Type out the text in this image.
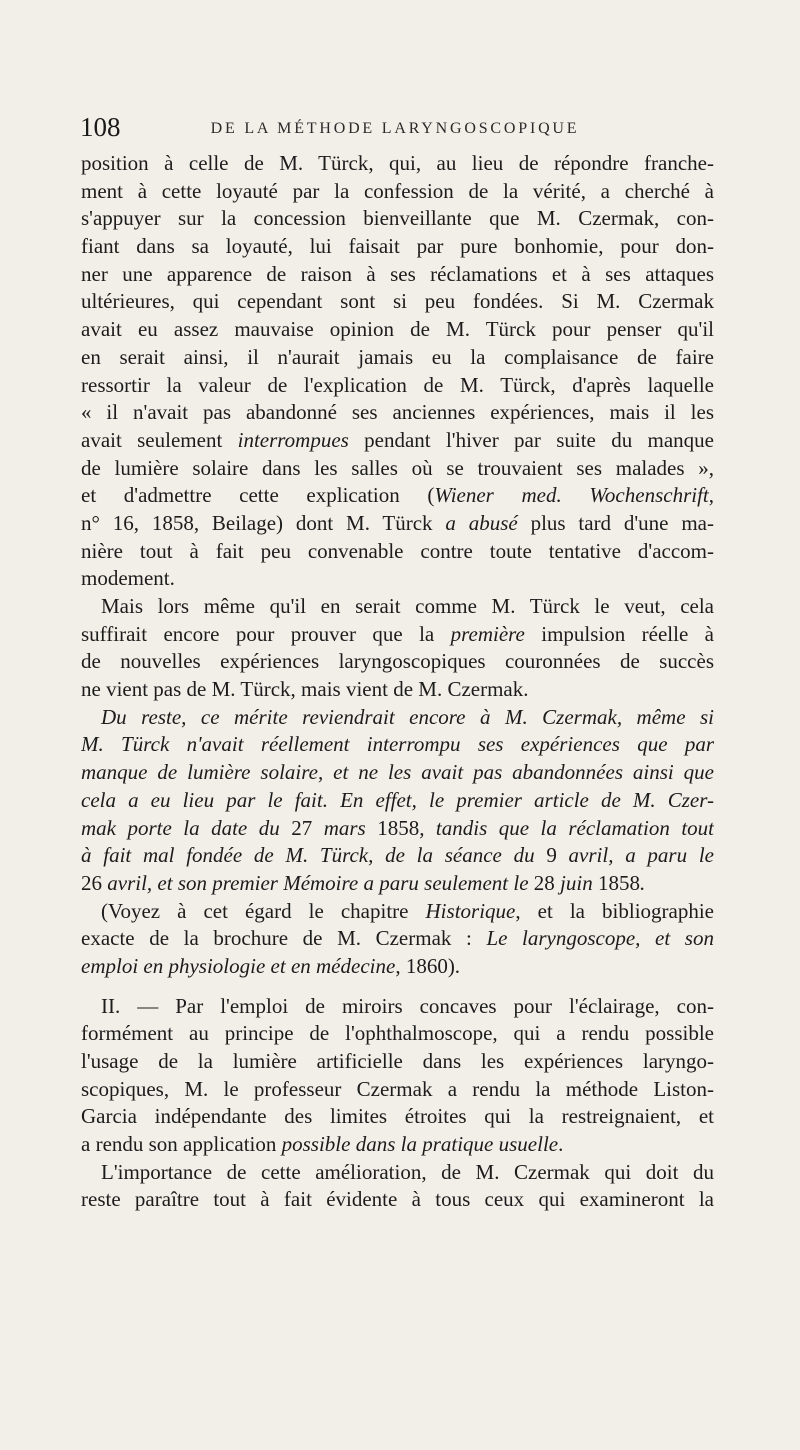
108	DE LA MÉTHODE LARYNGOSCOPIQUE
position à celle de M. Türck, qui, au lieu de répondre franche-
ment à cette loyauté par la confession de la vérité, a cherché à
s'appuyer sur la concession bienveillante que M. Czermak, con-
fiant dans sa loyauté, lui faisait par pure bonhomie, pour don-
ner une apparence de raison à ses réclamations et à ses attaques
ultérieures, qui cependant sont si peu fondées. Si M. Czermak
avait eu assez mauvaise opinion de M. Türck pour penser qu'il
en serait ainsi, il n'aurait jamais eu la complaisance de faire
ressortir la valeur de l'explication de M. Türck, d'après laquelle
« il n'avait pas abandonné ses anciennes expériences, mais il les
avait seulement interrompues pendant l'hiver par suite du manque
de lumière solaire dans les salles où se trouvaient ses malades »,
et d'admettre cette explication (Wiener med. Wochenschrift,
n° 16, 1858, Beilage) dont M. Türck a abusé plus tard d'une ma-
nière tout à fait peu convenable contre toute tentative d'accom-
modement.
Mais lors même qu'il en serait comme M. Türck le veut, cela
suffirait encore pour prouver que la première impulsion réelle à
de nouvelles expériences laryngoscopiques couronnées de succès
ne vient pas de M. Türck, mais vient de M. Czermak.
Du reste, ce mérite reviendrait encore à M. Czermak, même si
M. Türck n'avait réellement interrompu ses expériences que par
manque de lumière solaire, et ne les avait pas abandonnées ainsi que
cela a eu lieu par le fait. En effet, le premier article de M. Czer-
mak porte la date du 27 mars 1858, tandis que la réclamation tout
à fait mal fondée de M. Türck, de la séance du 9 avril, a paru le
26 avril, et son premier Mémoire a paru seulement le 28 juin 1858.
(Voyez à cet égard le chapitre Historique, et la bibliographie
exacte de la brochure de M. Czermak : Le laryngoscope, et son
emploi en physiologie et en médecine, 1860).
II. — Par l'emploi de miroirs concaves pour l'éclairage, con-
formément au principe de l'ophthalmoscope, qui a rendu possible
l'usage de la lumière artificielle dans les expériences laryngo-
scopiques, M. le professeur Czermak a rendu la méthode Liston-
Garcia indépendante des limites étroites qui la restreignaient, et
a rendu son application possible dans la pratique usuelle.
L'importance de cette amélioration, de M. Czermak qui doit du
reste paraître tout à fait évidente à tous ceux qui examineront la
